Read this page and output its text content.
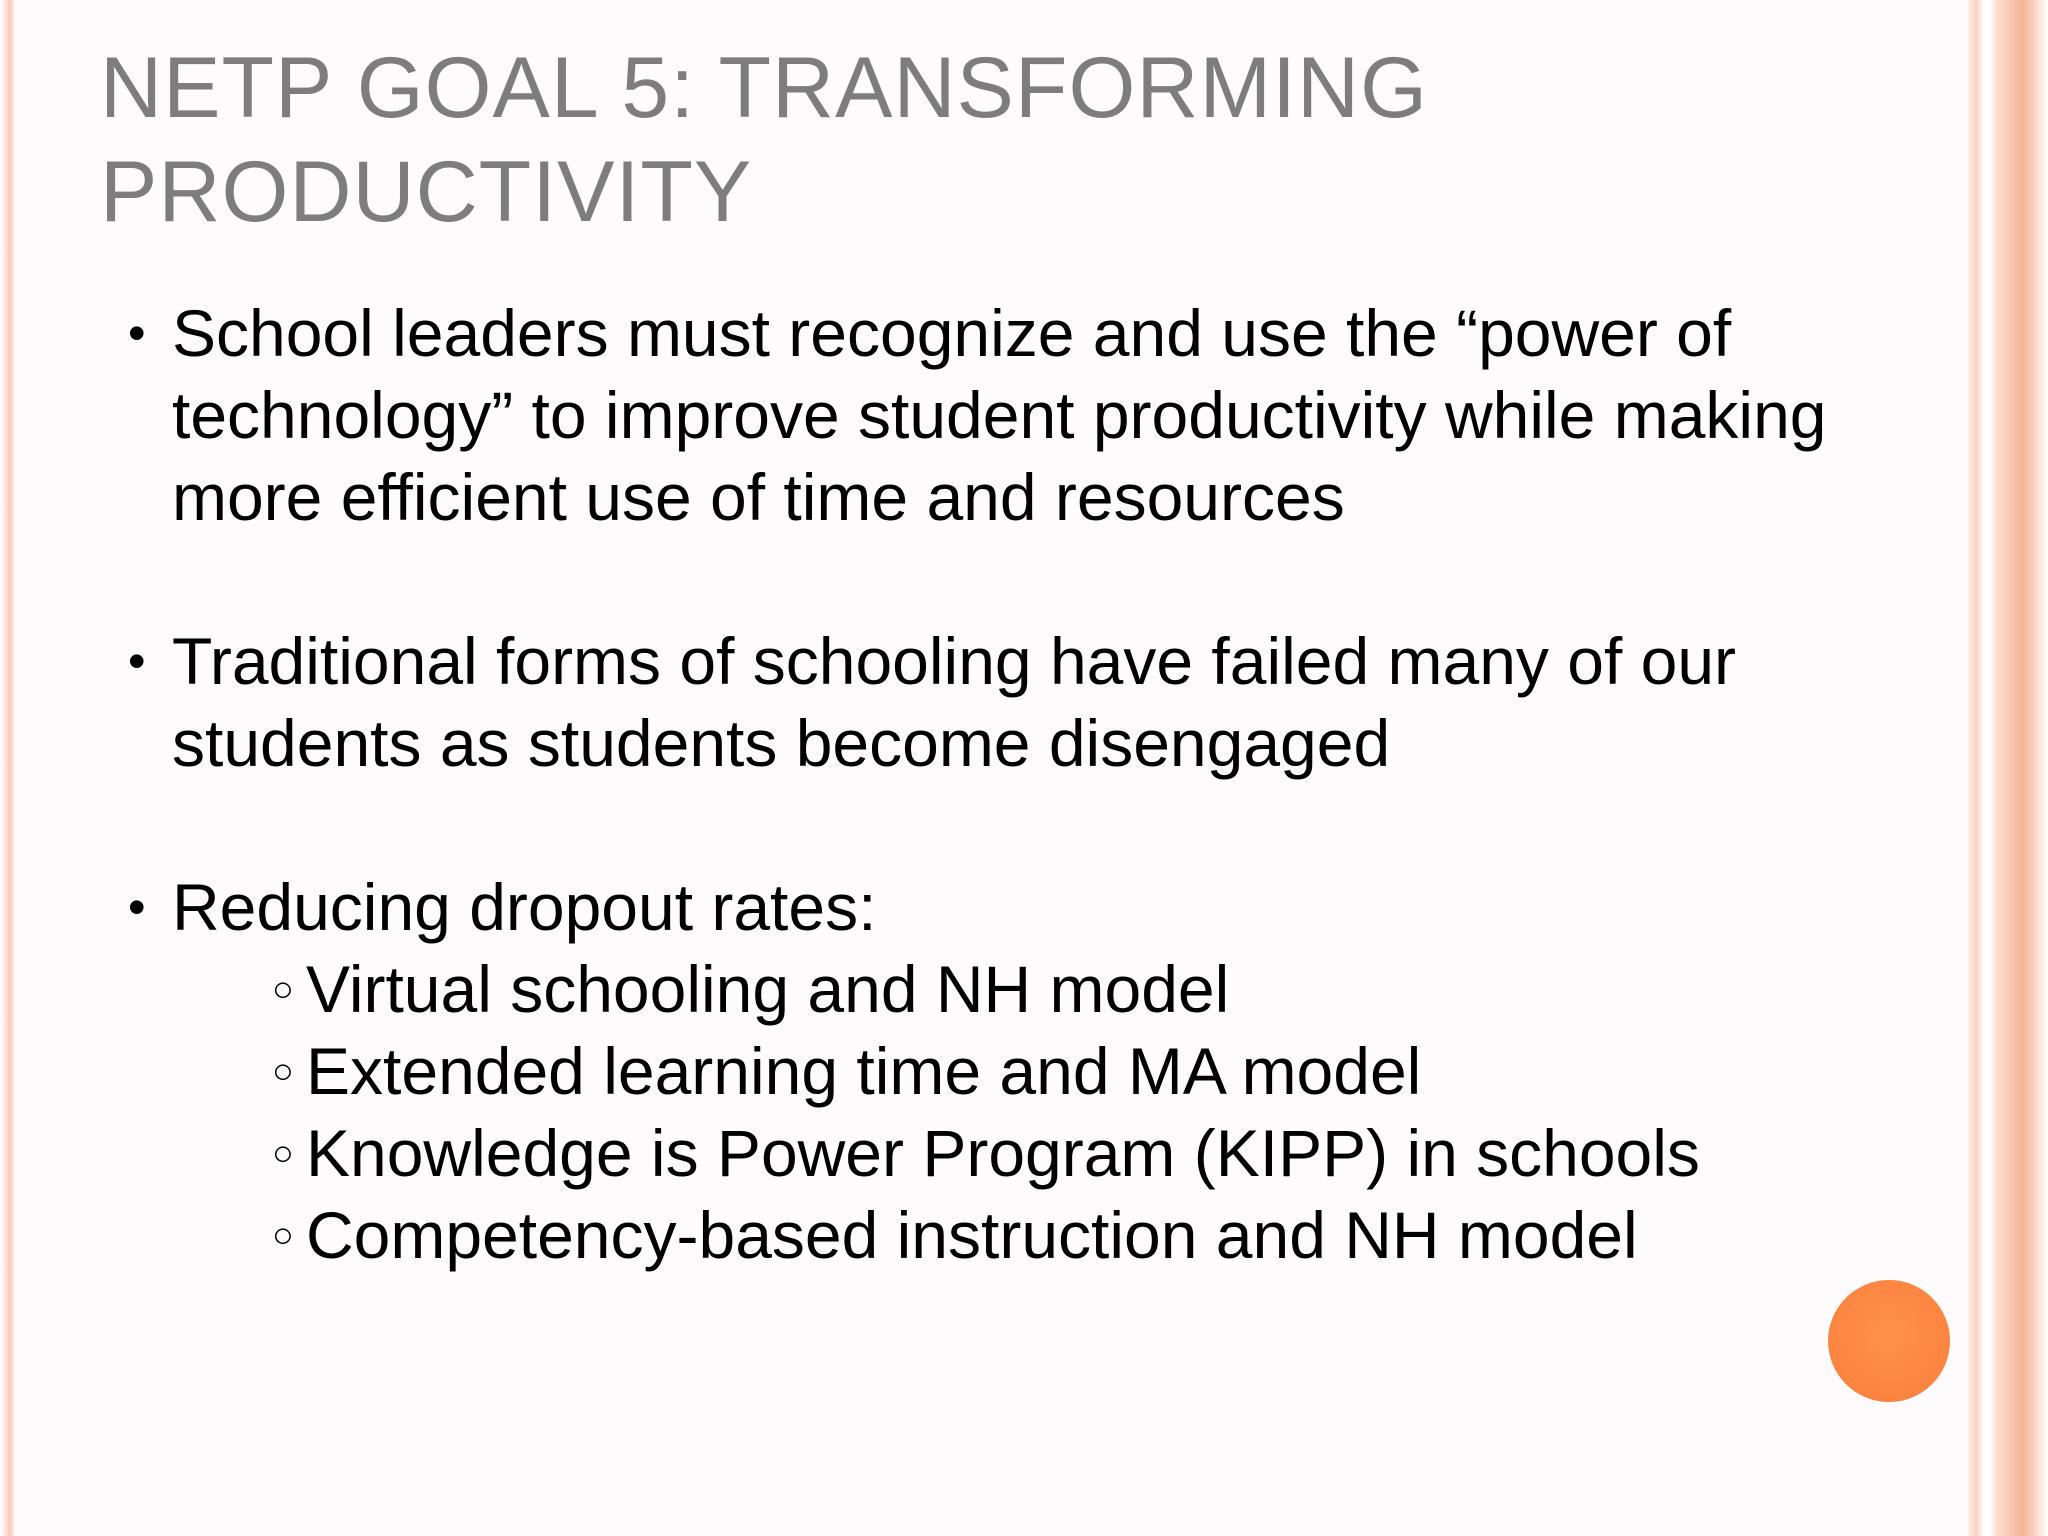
NETP GOAL 5: TRANSFORMING PRODUCTIVITY
• School leaders must recognize and use the “power of technology” to improve student productivity while making more efficient use of time and resources
• Traditional forms of schooling have failed many of our students as students become disengaged
• Reducing dropout rates:
○ Virtual schooling and NH model
○ Extended learning time and MA model
○ Knowledge is Power Program (KIPP) in schools
○ Competency-based instruction and NH model
